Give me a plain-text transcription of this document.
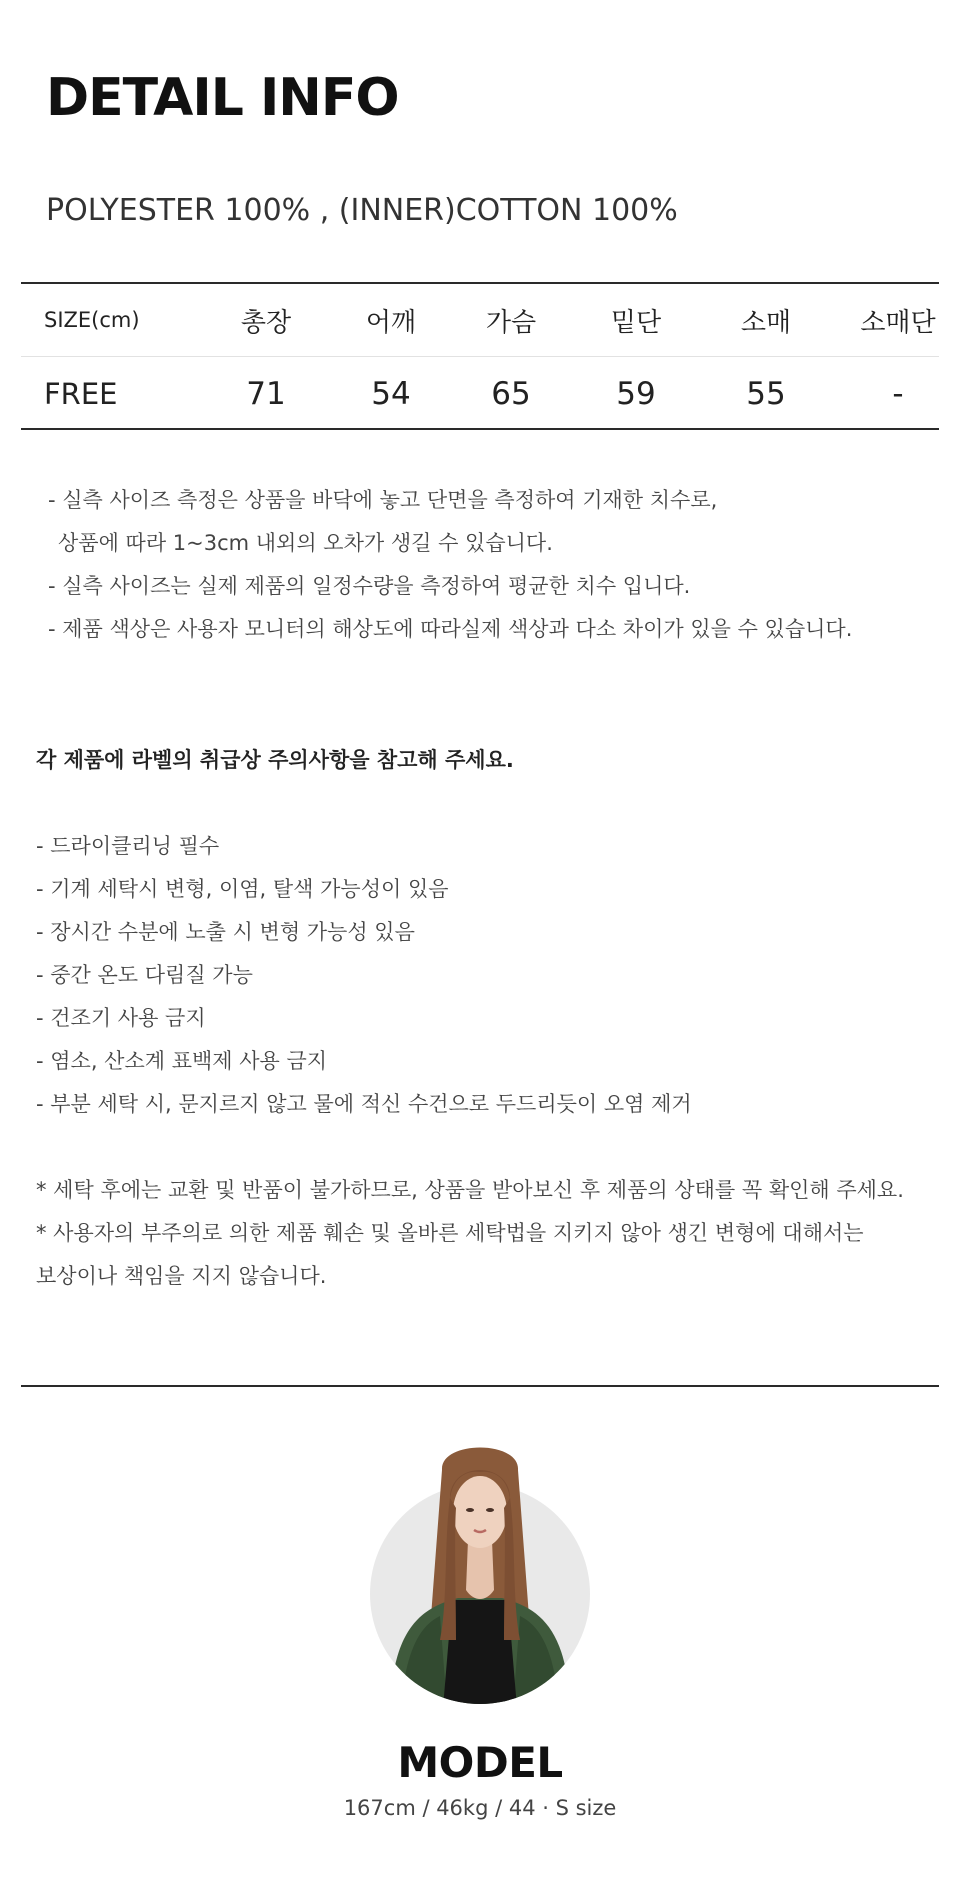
DETAIL INFO
POLYESTER 100% , (INNER)COTTON 100%
SIZE(cm)	총장	어깨	가슴	밑단	소매	소매단
FREE	71	54	65	59	55	-
- 실측 사이즈 측정은 상품을 바닥에 놓고 단면을 측정하여 기재한 치수로,
상품에 따라 1~3cm 내외의 오차가 생길 수 있습니다.
- 실측 사이즈는 실제 제품의 일정수량을 측정하여 평균한 치수 입니다.
- 제품 색상은 사용자 모니터의 해상도에 따라실제 색상과 다소 차이가 있을 수 있습니다.
각 제품에 라벨의 취급상 주의사항을 참고해 주세요.
- 드라이클리닝 필수
- 기계 세탁시 변형, 이염, 탈색 가능성이 있음
- 장시간 수분에 노출 시 변형 가능성 있음
- 중간 온도 다림질 가능
- 건조기 사용 금지
- 염소, 산소계 표백제 사용 금지
- 부분 세탁 시, 문지르지 않고 물에 적신 수건으로 두드리듯이 오염 제거
* 세탁 후에는 교환 및 반품이 불가하므로, 상품을 받아보신 후 제품의 상태를 꼭 확인해 주세요.
* 사용자의 부주의로 의한 제품 훼손 및 올바른 세탁법을 지키지 않아 생긴 변형에 대해서는
보상이나 책임을 지지 않습니다.
MODEL
167cm / 46kg / 44 · S size
